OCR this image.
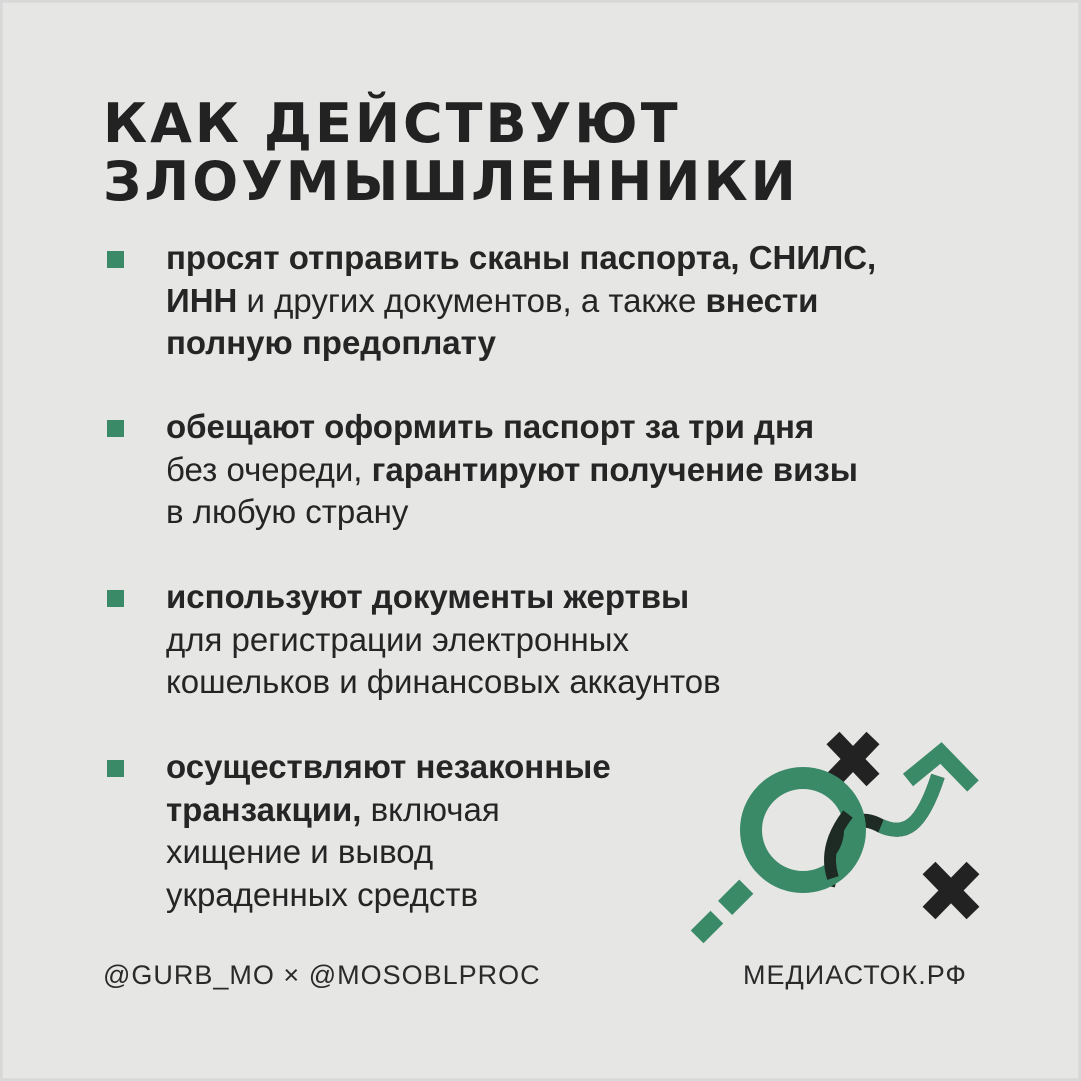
КАК ДЕЙСТВУЮТ
ЗЛОУМЫШЛЕННИКИ
просят отправить сканы паспорта, СНИЛС,
ИНН и других документов, а также внести
полную предоплату
обещают оформить паспорт за три дня
без очереди, гарантируют получение визы
в любую страну
используют документы жертвы
для регистрации электронных
кошельков и финансовых аккаунтов
осуществляют незаконные
транзакции, включая
хищение и вывод
украденных средств
@GURB_MO × @MOSOBLPROC	МЕДИАСТОК.РФ
